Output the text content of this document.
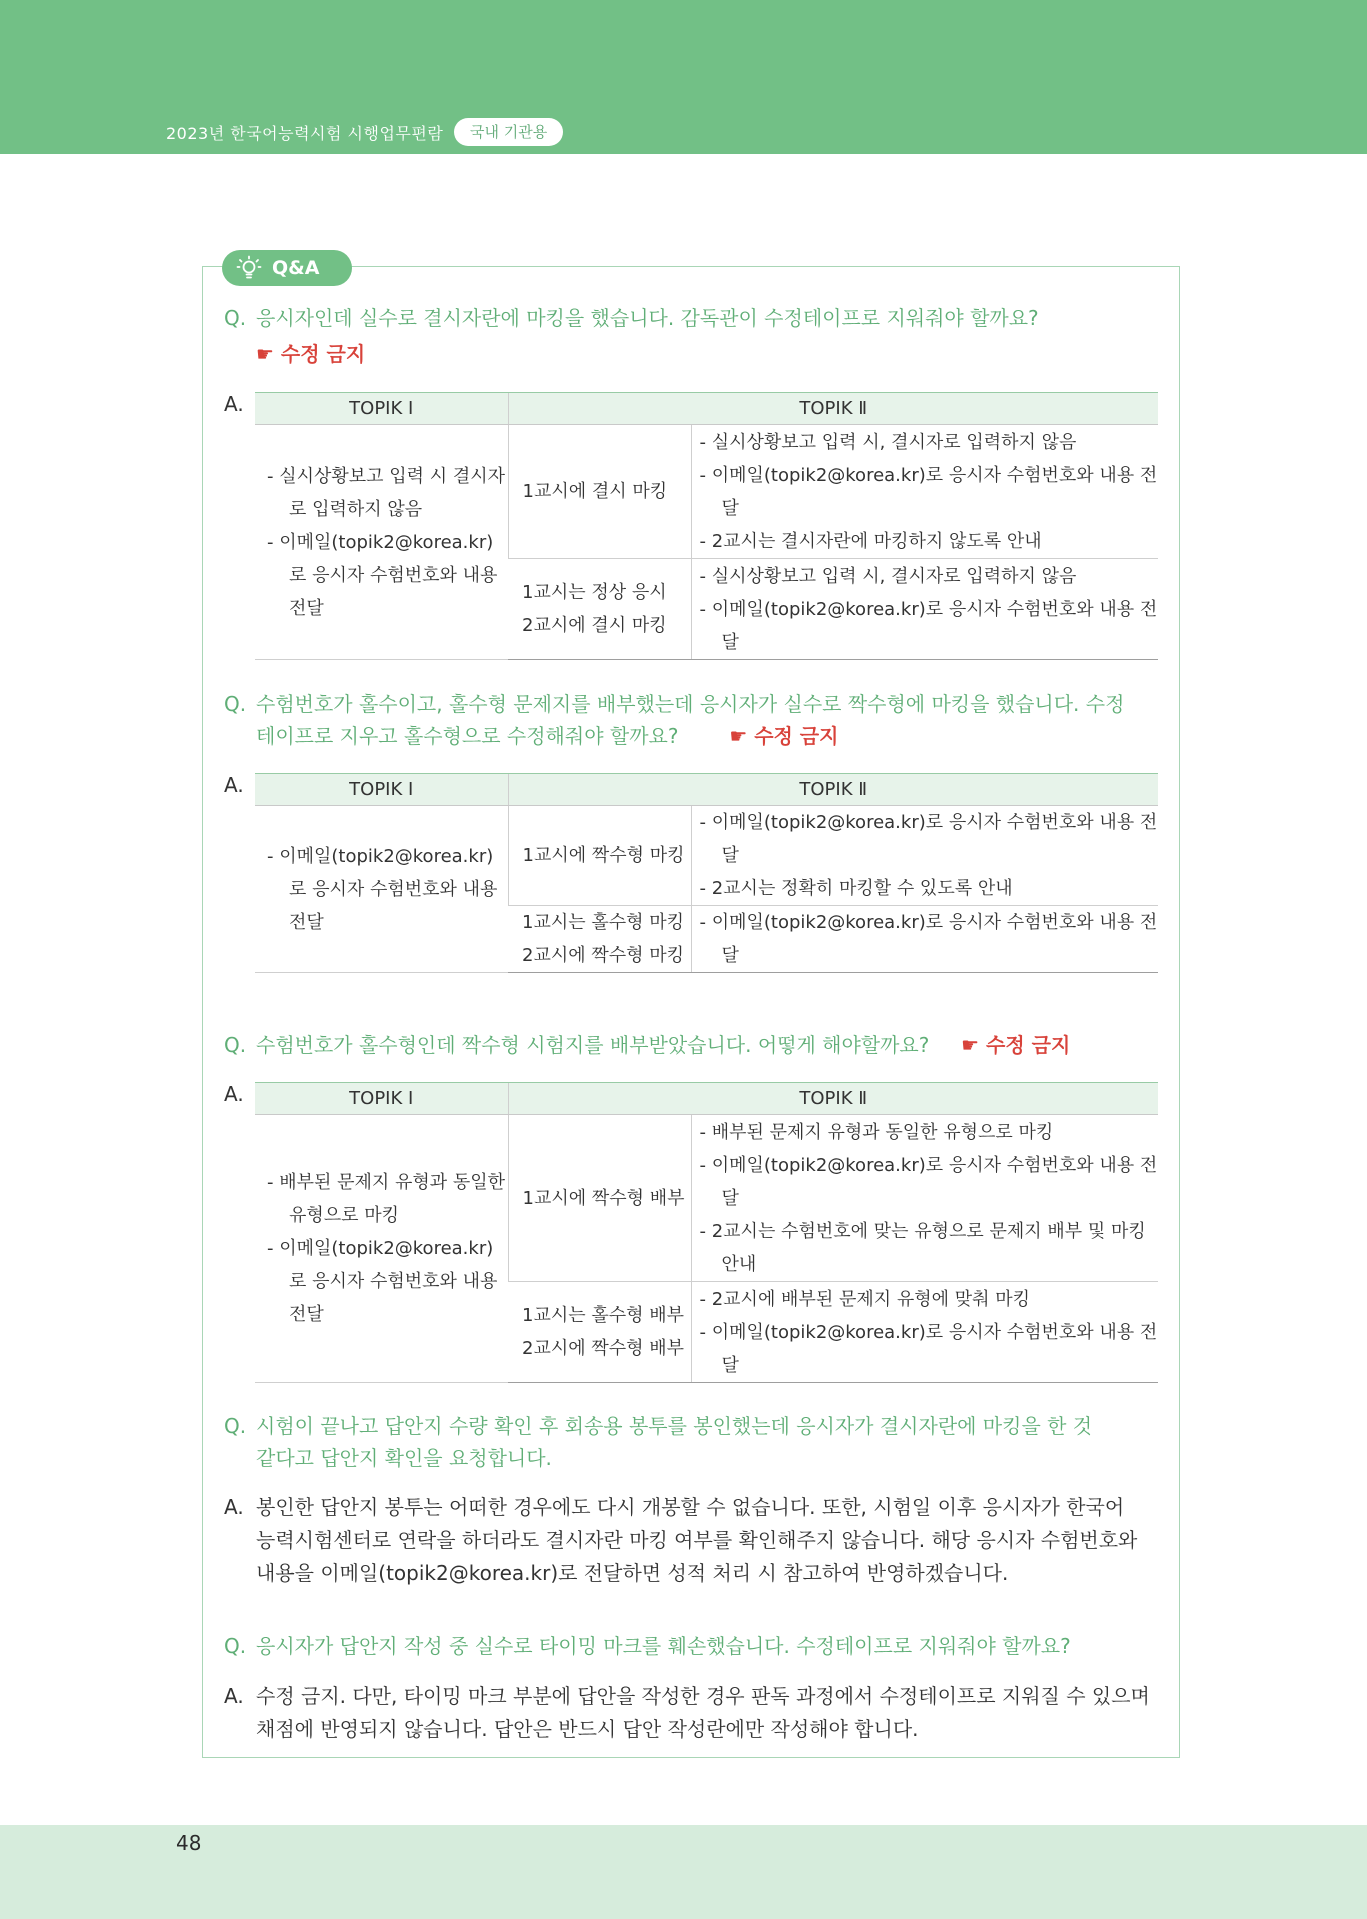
2023년 한국어능력시험 시행업무편람	국내 기관용
Q&A
Q. 응시자인데 실수로 결시자란에 마킹을 했습니다. 감독관이 수정테이프로 지워줘야 할까요?
☛ 수정 금지
A.	TOPIK Ⅰ	TOPIK Ⅱ	

- 실시상황보고 입력 시 결시자로 입력하지 않음
- 이메일(topik2@korea.kr)로 응시자 수험번호와 내용 전달	1교시에 결시 마킹	- 실시상황보고 입력 시, 결시자로 입력하지 않음
- 이메일(topik2@korea.kr)로 응시자 수험번호와 내용 전달
- 2교시는 결시자란에 마킹하지 않도록 안내

	1교시는 정상 응시
2교시에 결시 마킹	- 실시상황보고 입력 시, 결시자로 입력하지 않음
- 이메일(topik2@korea.kr)로 응시자 수험번호와 내용 전달
Q. 수험번호가 홀수이고, 홀수형 문제지를 배부했는데 응시자가 실수로 짝수형에 마킹을 했습니다. 수정
테이프로 지우고 홀수형으로 수정해줘야 할까요?	☛ 수정 금지
A.	TOPIK Ⅰ	TOPIK Ⅱ	

- 이메일(topik2@korea.kr)로 응시자 수험번호와 내용 전달	1교시에 짝수형 마킹	- 이메일(topik2@korea.kr)로 응시자 수험번호와 내용 전달
- 2교시는 정확히 마킹할 수 있도록 안내

	1교시는 홀수형 마킹
2교시에 짝수형 마킹	- 이메일(topik2@korea.kr)로 응시자 수험번호와 내용 전달
Q. 수험번호가 홀수형인데 짝수형 시험지를 배부받았습니다. 어떻게 해야할까요? ☛ 수정 금지
A.	TOPIK Ⅰ	TOPIK Ⅱ	

- 배부된 문제지 유형과 동일한 유형으로 마킹
- 이메일(topik2@korea.kr)로 응시자 수험번호와 내용 전달	1교시에 짝수형 배부	- 배부된 문제지 유형과 동일한 유형으로 마킹
- 이메일(topik2@korea.kr)로 응시자 수험번호와 내용 전달
- 2교시는 수험번호에 맞는 유형으로 문제지 배부 및 마킹 안내

	1교시는 홀수형 배부
2교시에 짝수형 배부	- 2교시에 배부된 문제지 유형에 맞춰 마킹
- 이메일(topik2@korea.kr)로 응시자 수험번호와 내용 전달
Q. 시험이 끝나고 답안지 수량 확인 후 회송용 봉투를 봉인했는데 응시자가 결시자란에 마킹을 한 것
같다고 답안지 확인을 요청합니다.
A. 봉인한 답안지 봉투는 어떠한 경우에도 다시 개봉할 수 없습니다. 또한, 시험일 이후 응시자가 한국어
능력시험센터로 연락을 하더라도 결시자란 마킹 여부를 확인해주지 않습니다. 해당 응시자 수험번호와
내용을 이메일(topik2@korea.kr)로 전달하면 성적 처리 시 참고하여 반영하겠습니다.
Q. 응시자가 답안지 작성 중 실수로 타이밍 마크를 훼손했습니다. 수정테이프로 지워줘야 할까요?
A. 수정 금지. 다만, 타이밍 마크 부분에 답안을 작성한 경우 판독 과정에서 수정테이프로 지워질 수 있으며
채점에 반영되지 않습니다. 답안은 반드시 답안 작성란에만 작성해야 합니다.
48
